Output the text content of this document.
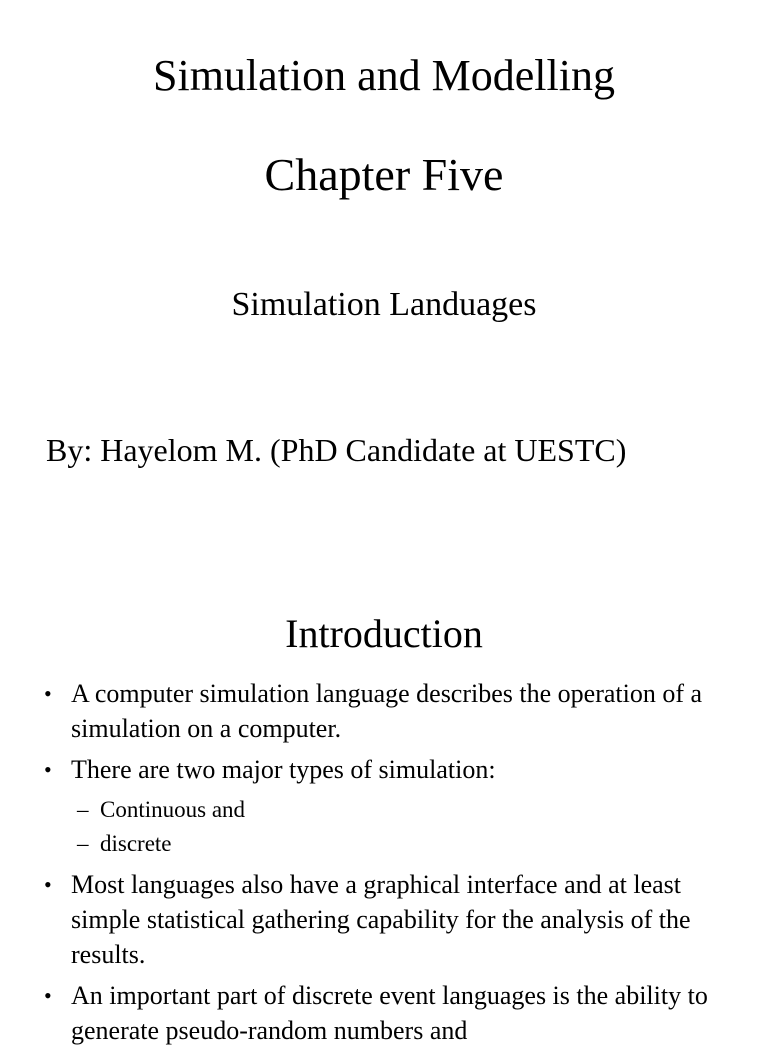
Simulation and Modelling
Chapter Five

Simulation Landuages

By: Hayelom M. (PhD Candidate at UESTC)

Introduction
• A computer simulation language describes the operation of a simulation on a computer.
• There are two major types of simulation:
– Continuous and
– discrete
• Most languages also have a graphical interface and at least simple statistical gathering capability for the analysis of the results.
• An important part of discrete event languages is the ability to generate pseudo-random numbers and
